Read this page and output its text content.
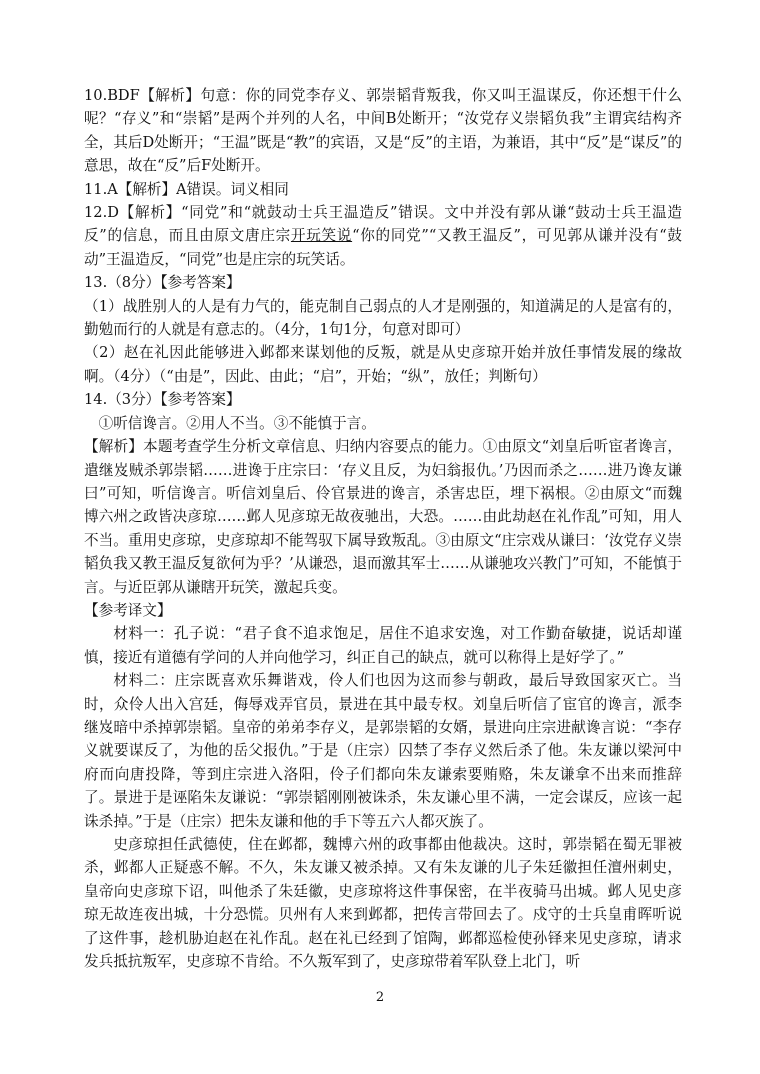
10.BDF【解析】句意：你的同党李存义、郭崇韬背叛我，你又叫王温谋反，你还想干什么呢？“存义”和“崇韬”是两个并列的人名，中间B处断开；“汝党存义崇韬负我”主谓宾结构齐全，其后D处断开；“王温”既是“教”的宾语，又是“反”的主语，为兼语，其中“反”是“谋反”的意思，故在“反”后F处断开。

11.A【解析】A错误。词义相同

12.D【解析】“同党”和“就鼓动士兵王温造反”错误。文中并没有郭从谦“鼓动士兵王温造反”的信息，而且由原文唐庄宗开玩笑说“你的同党”“又教王温反”，可见郭从谦并没有“鼓动”王温造反，“同党”也是庄宗的玩笑话。

13.（8分）【参考答案】

（1）战胜别人的人是有力气的，能克制自己弱点的人才是刚强的，知道满足的人是富有的，勤勉而行的人就是有意志的。（4分，1句1分，句意对即可）

（2）赵在礼因此能够进入邺都来谋划他的反叛，就是从史彦琼开始并放任事情发展的缘故啊。（4分）（“由是”，因此、由此；“启”，开始；“纵”，放任；判断句）

14.（3分）【参考答案】

①听信谗言。②用人不当。③不能慎于言。

【解析】本题考查学生分析文章信息、归纳内容要点的能力。①由原文“刘皇后听宦者谗言，遣继岌贼杀郭崇韬……进谗于庄宗曰：‘存义且反，为妇翁报仇。’乃因而杀之……进乃谗友谦曰”可知，听信谗言。听信刘皇后、伶官景进的谗言，杀害忠臣，埋下祸根。②由原文“而魏博六州之政皆决彦琼……邺人见彦琼无故夜驰出，大恐。……由此劫赵在礼作乱”可知，用人不当。重用史彦琼，史彦琼却不能驾驭下属导致叛乱。③由原文“庄宗戏从谦曰：‘汝党存义崇韬负我又教王温反复欲何为乎？’从谦恐，退而激其军士……从谦驰攻兴教门”可知，不能慎于言。与近臣郭从谦瞎开玩笑，激起兵变。

【参考译文】

材料一：孔子说：“君子食不追求饱足，居住不追求安逸，对工作勤奋敏捷，说话却谨慎，接近有道德有学问的人并向他学习，纠正自己的缺点，就可以称得上是好学了。”

材料二：庄宗既喜欢乐舞谐戏，伶人们也因为这而参与朝政，最后导致国家灭亡。当时，众伶人出入宫廷，侮辱戏弄官员，景进在其中最专权。刘皇后听信了宦官的谗言，派李继岌暗中杀掉郭崇韬。皇帝的弟弟李存义，是郭崇韬的女婿，景进向庄宗进献谗言说：“李存义就要谋反了，为他的岳父报仇。”于是（庄宗）囚禁了李存义然后杀了他。朱友谦以梁河中府而向唐投降，等到庄宗进入洛阳，伶子们都向朱友谦索要贿赂，朱友谦拿不出来而推辞了。景进于是诬陷朱友谦说：“郭崇韬刚刚被诛杀，朱友谦心里不满，一定会谋反，应该一起诛杀掉。”于是（庄宗）把朱友谦和他的手下等五六人都灭族了。

史彦琼担任武德使，住在邺都，魏博六州的政事都由他裁决。这时，郭崇韬在蜀无罪被杀，邺都人正疑惑不解。不久，朱友谦又被杀掉。又有朱友谦的儿子朱廷徽担任澶州刺史，皇帝向史彦琼下诏，叫他杀了朱廷徽，史彦琼将这件事保密，在半夜骑马出城。邺人见史彦琼无故连夜出城，十分恐慌。贝州有人来到邺都，把传言带回去了。戍守的士兵皇甫晖听说了这件事，趁机胁迫赵在礼作乱。赵在礼已经到了馆陶，邺都巡检使孙铎来见史彦琼，请求发兵抵抗叛军，史彦琼不肯给。不久叛军到了，史彦琼带着军队登上北门，听

2
